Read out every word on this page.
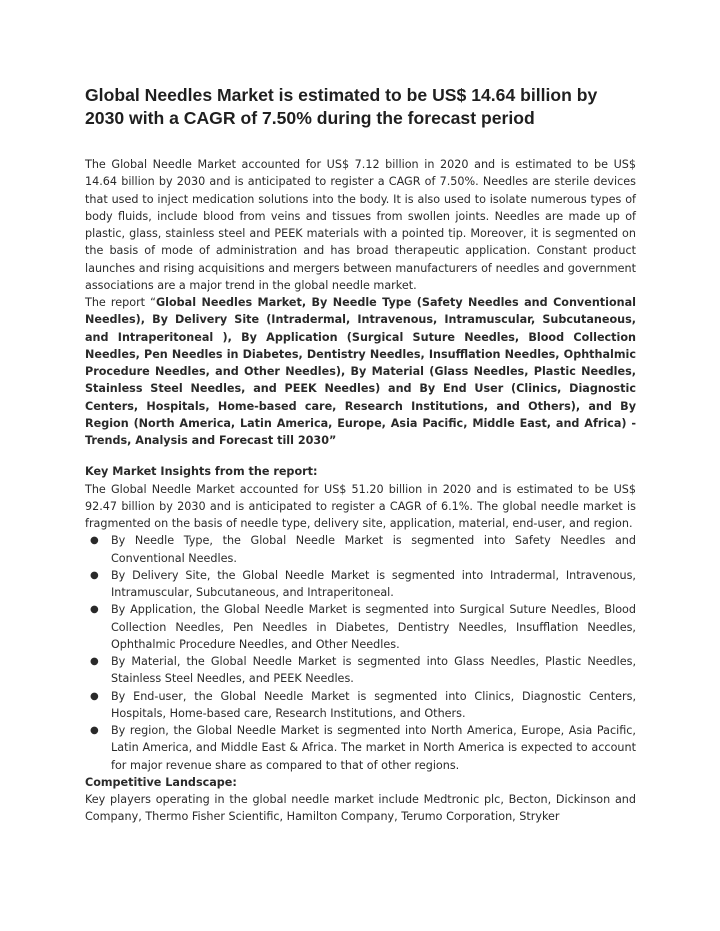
Global Needles Market is estimated to be US$ 14.64 billion by 2030 with a CAGR of 7.50% during the forecast period

The Global Needle Market accounted for US$ 7.12 billion in 2020 and is estimated to be US$ 14.64 billion by 2030 and is anticipated to register a CAGR of 7.50%. Needles are sterile devices that used to inject medication solutions into the body. It is also used to isolate numerous types of body fluids, include blood from veins and tissues from swollen joints. Needles are made up of plastic, glass, stainless steel and PEEK materials with a pointed tip. Moreover, it is segmented on the basis of mode of administration and has broad therapeutic application. Constant product launches and rising acquisitions and mergers between manufacturers of needles and government associations are a major trend in the global needle market.

The report “Global Needles Market, By Needle Type (Safety Needles and Conventional Needles), By Delivery Site (Intradermal, Intravenous, Intramuscular, Subcutaneous, and Intraperitoneal ), By Application (Surgical Suture Needles, Blood Collection Needles, Pen Needles in Diabetes, Dentistry Needles, Insufflation Needles, Ophthalmic Procedure Needles, and Other Needles), By Material (Glass Needles, Plastic Needles, Stainless Steel Needles, and PEEK Needles) and By End User (Clinics, Diagnostic Centers, Hospitals, Home-based care, Research Institutions, and Others), and By Region (North America, Latin America, Europe, Asia Pacific, Middle East, and Africa) - Trends, Analysis and Forecast till 2030”

Key Market Insights from the report:

The Global Needle Market accounted for US$ 51.20 billion in 2020 and is estimated to be US$ 92.47 billion by 2030 and is anticipated to register a CAGR of 6.1%. The global needle market is fragmented on the basis of needle type, delivery site, application, material, end-user, and region.

● By Needle Type, the Global Needle Market is segmented into Safety Needles and Conventional Needles.
● By Delivery Site, the Global Needle Market is segmented into Intradermal, Intravenous, Intramuscular, Subcutaneous, and Intraperitoneal.
● By Application, the Global Needle Market is segmented into Surgical Suture Needles, Blood Collection Needles, Pen Needles in Diabetes, Dentistry Needles, Insufflation Needles, Ophthalmic Procedure Needles, and Other Needles.
● By Material, the Global Needle Market is segmented into Glass Needles, Plastic Needles, Stainless Steel Needles, and PEEK Needles.
● By End-user, the Global Needle Market is segmented into Clinics, Diagnostic Centers, Hospitals, Home-based care, Research Institutions, and Others.
● By region, the Global Needle Market is segmented into North America, Europe, Asia Pacific, Latin America, and Middle East & Africa. The market in North America is expected to account for major revenue share as compared to that of other regions.

Competitive Landscape:

Key players operating in the global needle market include Medtronic plc, Becton, Dickinson and Company, Thermo Fisher Scientific, Hamilton Company, Terumo Corporation, Stryker
